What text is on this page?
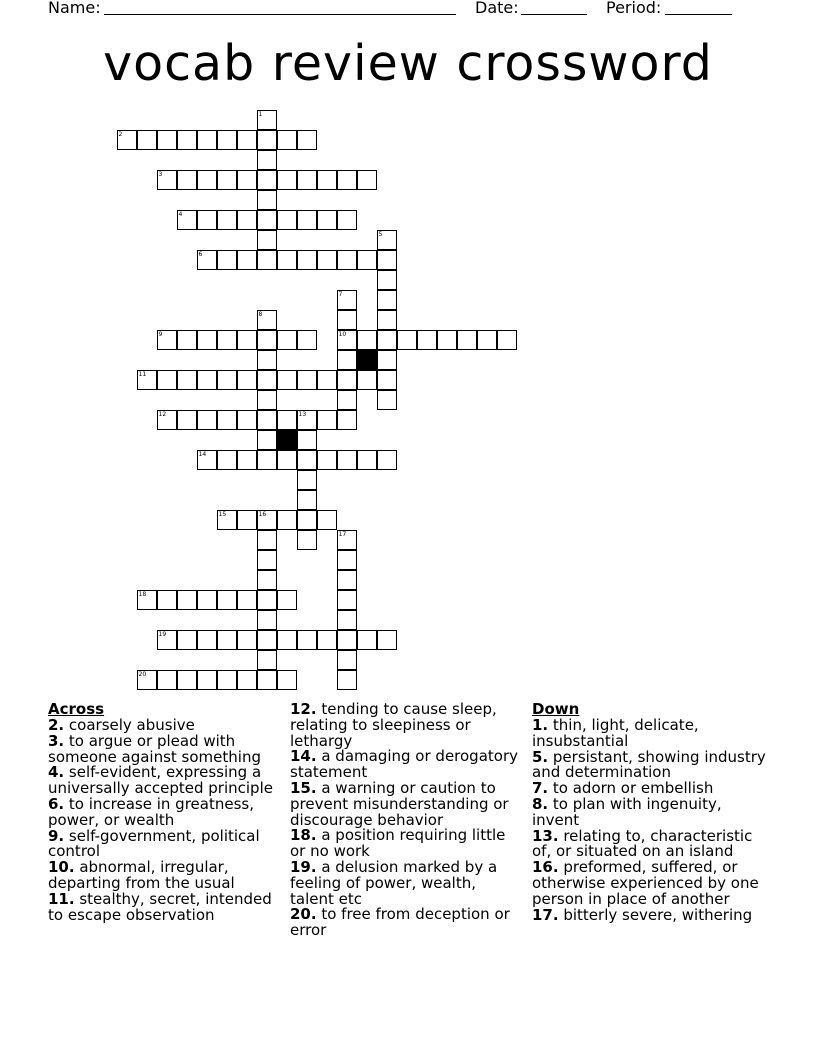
Name:	Date:	Period:
vocab review crossword
1
2
3
4
5
6
7
8
9	10
11
12	13
14
15	16
17
18
19
20
Across

2. coarsely abusive

3. to argue or plead with someone against something

4. self-evident, expressing a universally accepted principle

6. to increase in greatness, power, or wealth

9. self-government, political control

10. abnormal, irregular, departing from the usual

11. stealthy, secret, intended to escape observation

12. tending to cause sleep, relating to sleepiness or lethargy

14. a damaging or derogatory statement

15. a warning or caution to prevent misunderstanding or discourage behavior

18. a position requiring little or no work

19. a delusion marked by a feeling of power, wealth, talent etc

20. to free from deception or error

Down

1. thin, light, delicate, insubstantial

5. persistant, showing industry and determination

7. to adorn or embellish

8. to plan with ingenuity, invent

13. relating to, characteristic of, or situated on an island

16. preformed, suffered, or otherwise experienced by one person in place of another

17. bitterly severe, withering
